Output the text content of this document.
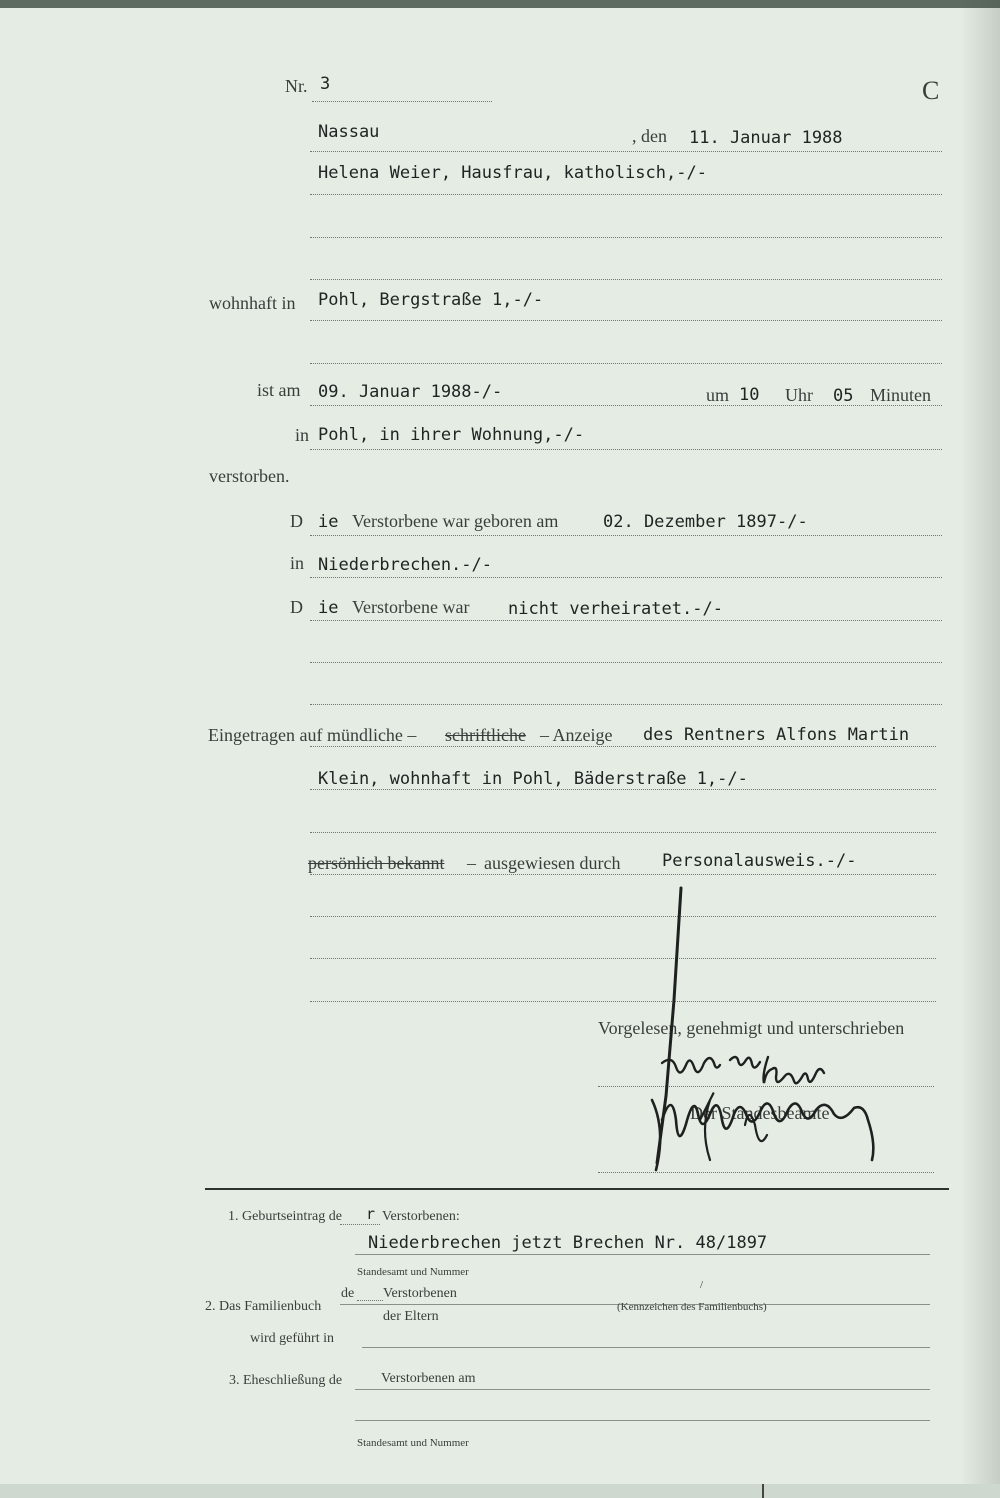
Nr. 3	C
Nassau	, den 11. Januar 1988
Helena Weier, Hausfrau, katholisch,-/-
wohnhaft in Pohl, Bergstraße 1,-/-
ist am 09. Januar 1988-/-	um 10 Uhr 05 Minuten
in Pohl, in ihrer Wohnung,-/-
verstorben.
D ie Verstorbene war geboren am	02. Dezember 1897-/-
in Niederbrechen.-/-
D ie Verstorbene war nicht verheiratet.-/-
Eingetragen auf mündliche – schriftliche – Anzeige des Rentners Alfons Martin
Klein, wohnhaft in Pohl, Bäderstraße 1,-/-
persönlich bekannt – ausgewiesen durch Personalausweis.-/-
Vorgelesen, genehmigt und unterschrieben
Der Standesbeamte
1. Geburtseintrag de r Verstorbenen:
Niederbrechen jetzt Brechen Nr. 48/1897
Standesamt und Nummer
2. Das Familienbuch
de Verstorbenen
der Eltern
/
(Kennzeichen des Familienbuchs)
wird geführt in
3. Eheschließung de	Verstorbenen am
Standesamt und Nummer
